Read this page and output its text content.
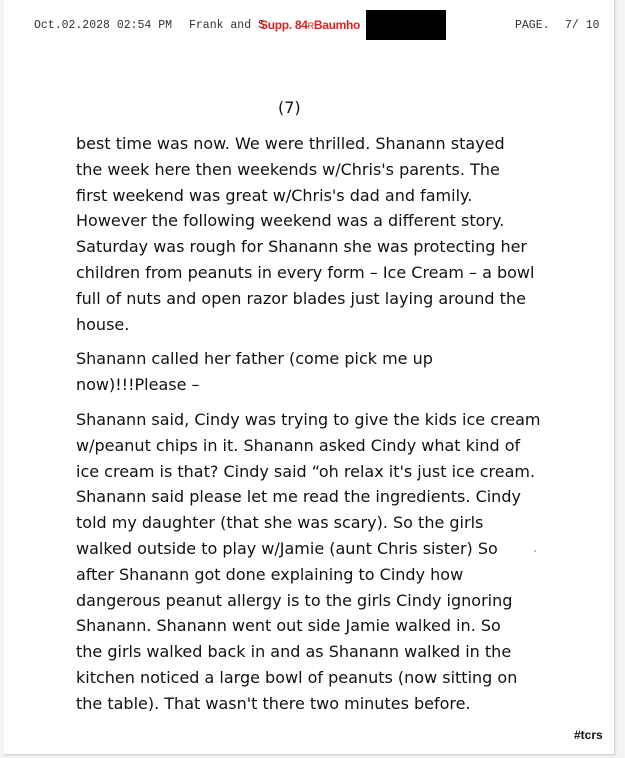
Oct.02.2028 02:54 PM Frank and S
Supp. 84RBaumho	PAGE. 7/ 10
(7)
best time was now. We were thrilled. Shanann stayed
the week here then weekends w/Chris's parents. The
first weekend was great w/Chris's dad and family.
However the following weekend was a different story.
Saturday was rough for Shanann she was protecting her
children from peanuts in every form – Ice Cream – a bowl
full of nuts and open razor blades just laying around the
house.
Shanann called her father (come pick me up
now)!!!Please –
Shanann said, Cindy was trying to give the kids ice cream
w/peanut chips in it. Shanann asked Cindy what kind of
ice cream is that? Cindy said “oh relax it's just ice cream.
Shanann said please let me read the ingredients. Cindy
told my daughter (that she was scary). So the girls
walked outside to play w/Jamie (aunt Chris sister) So
after Shanann got done explaining to Cindy how
dangerous peanut allergy is to the girls Cindy ignoring
Shanann. Shanann went out side Jamie walked in. So
the girls walked back in and as Shanann walked in the
kitchen noticed a large bowl of peanuts (now sitting on
the table). That wasn't there two minutes before.
#tcrs
